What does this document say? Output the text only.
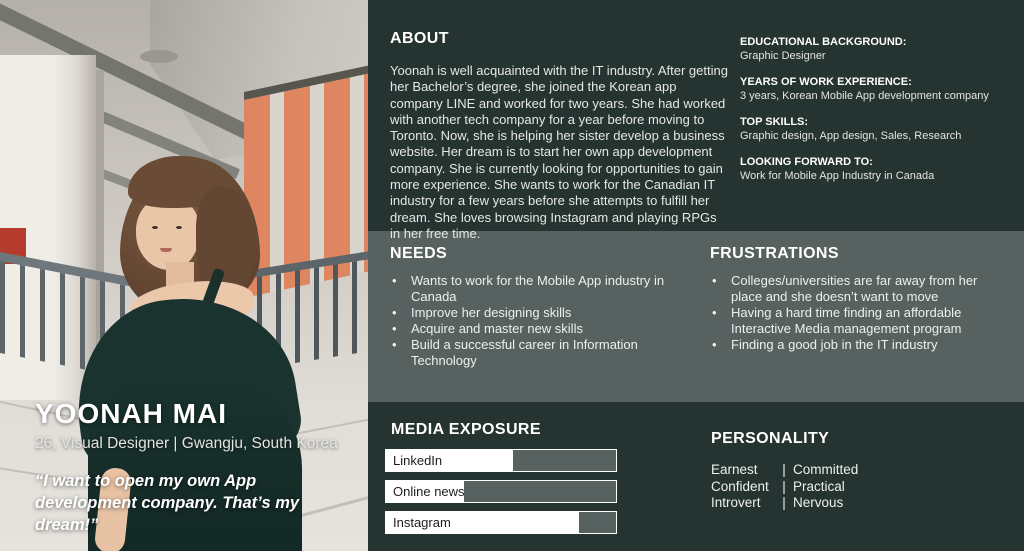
YOONAH MAI
26, Visual Designer | Gwangju, South Korea
“I want to open my own App development company. That’s my dream!”
ABOUT

Yoonah is well acquainted with the IT industry. After getting her Bachelor’s degree, she joined the Korean app company LINE and worked for two years. She had worked with another tech company for a year before moving to Toronto. Now, she is helping her sister develop a business website. Her dream is to start her own app development company. She is currently looking for opportunities to gain more experience. She wants to work for the Canadian IT industry for a few years before she attempts to fulfill her dream. She loves browsing Instagram and playing RPGs in her free time.

EDUCATIONAL BACKGROUND:
Graphic Designer
YEARS OF WORK EXPERIENCE:
3 years, Korean Mobile App development company
TOP SKILLS:
Graphic design, App design, Sales, Research
LOOKING FORWARD TO:
Work for Mobile App Industry in Canada
NEEDS
• Wants to work for the Mobile App industry in Canada
• Improve her designing skills
• Acquire and master new skills
• Build a successful career in Information Technology
FRUSTRATIONS
• Colleges/universities are far away from her place and she doesn’t want to move
• Having a hard time finding an affordable Interactive Media management program
• Finding a good job in the IT industry
MEDIA EXPOSURE
LinkedIn
Online news
Instagram
PERSONALITY
Earnest	| Committed
Confident | Practical
Introvert	| Nervous
